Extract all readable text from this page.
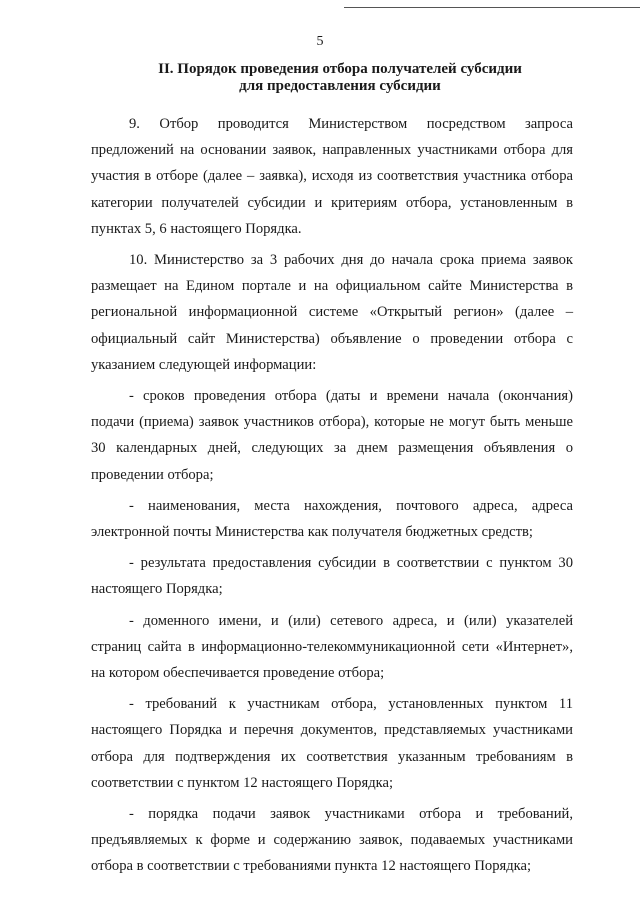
5
II. Порядок проведения отбора получателей субсидии
для предоставления субсидии

9. Отбор проводится Министерством посредством запроса предложений на основании заявок, направленных участниками отбора для участия в отборе (далее – заявка), исходя из соответствия участника отбора категории получателей субсидии и критериям отбора, установленным в пунктах 5, 6 настоящего Порядка.

10. Министерство за 3 рабочих дня до начала срока приема заявок размещает на Едином портале и на официальном сайте Министерства в региональной информационной системе «Открытый регион» (далее – официальный сайт Министерства) объявление о проведении отбора с указанием следующей информации:

- сроков проведения отбора (даты и времени начала (окончания) подачи (приема) заявок участников отбора), которые не могут быть меньше 30 календарных дней, следующих за днем размещения объявления о проведении отбора;

- наименования, места нахождения, почтового адреса, адреса электронной почты Министерства как получателя бюджетных средств;

- результата предоставления субсидии в соответствии с пунктом 30 настоящего Порядка;

- доменного имени, и (или) сетевого адреса, и (или) указателей страниц сайта в информационно-телекоммуникационной сети «Интернет», на котором обеспечивается проведение отбора;

- требований к участникам отбора, установленных пунктом 11 настоящего Порядка и перечня документов, представляемых участниками отбора для подтверждения их соответствия указанным требованиям в соответствии с пунктом 12 настоящего Порядка;

- порядка подачи заявок участниками отбора и требований, предъявляемых к форме и содержанию заявок, подаваемых участниками отбора в соответствии с требованиями пункта 12 настоящего Порядка;
